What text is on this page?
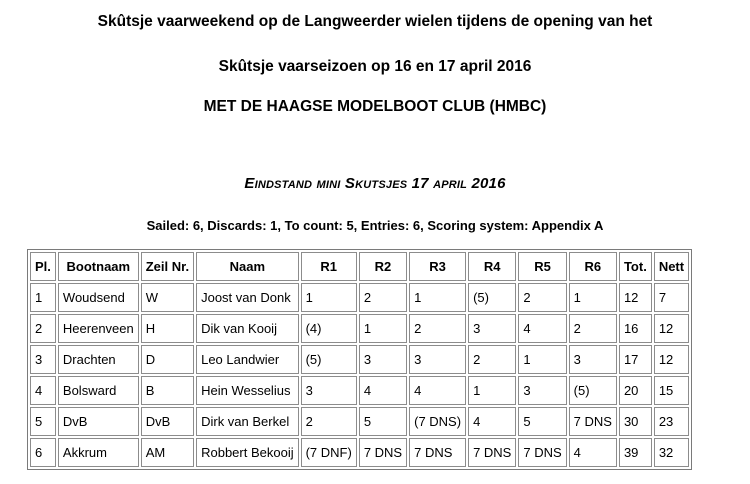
Skûtsje vaarweekend op de Langweerder wielen tijdens de opening van het
Skûtsje vaarseizoen op 16 en 17 april 2016
MET DE HAAGSE MODELBOOT CLUB (HMBC)
Eindstand mini Skutsjes 17 april 2016
Sailed: 6, Discards: 1, To count: 5, Entries: 6, Scoring system: Appendix A
Pl.	Bootnaam	Zeil Nr.	Naam	R1	R2	R3	R4	R5	R6	Tot.	Nett
1	Woudsend	W	Joost van Donk	1	2	1	(5)	2	1	12	7
2	Heerenveen	H	Dik van Kooij	(4)	1	2	3	4	2	16	12
3	Drachten	D	Leo Landwier	(5)	3	3	2	1	3	17	12
4	Bolsward	B	Hein Wesselius	3	4	4	1	3	(5)	20	15
5	DvB	DvB	Dirk van Berkel	2	5	(7 DNS)	4	5	7 DNS	30	23
6	Akkrum	AM	Robbert Bekooij	(7 DNF)	7 DNS	7 DNS	7 DNS	7 DNS	4	39	32
